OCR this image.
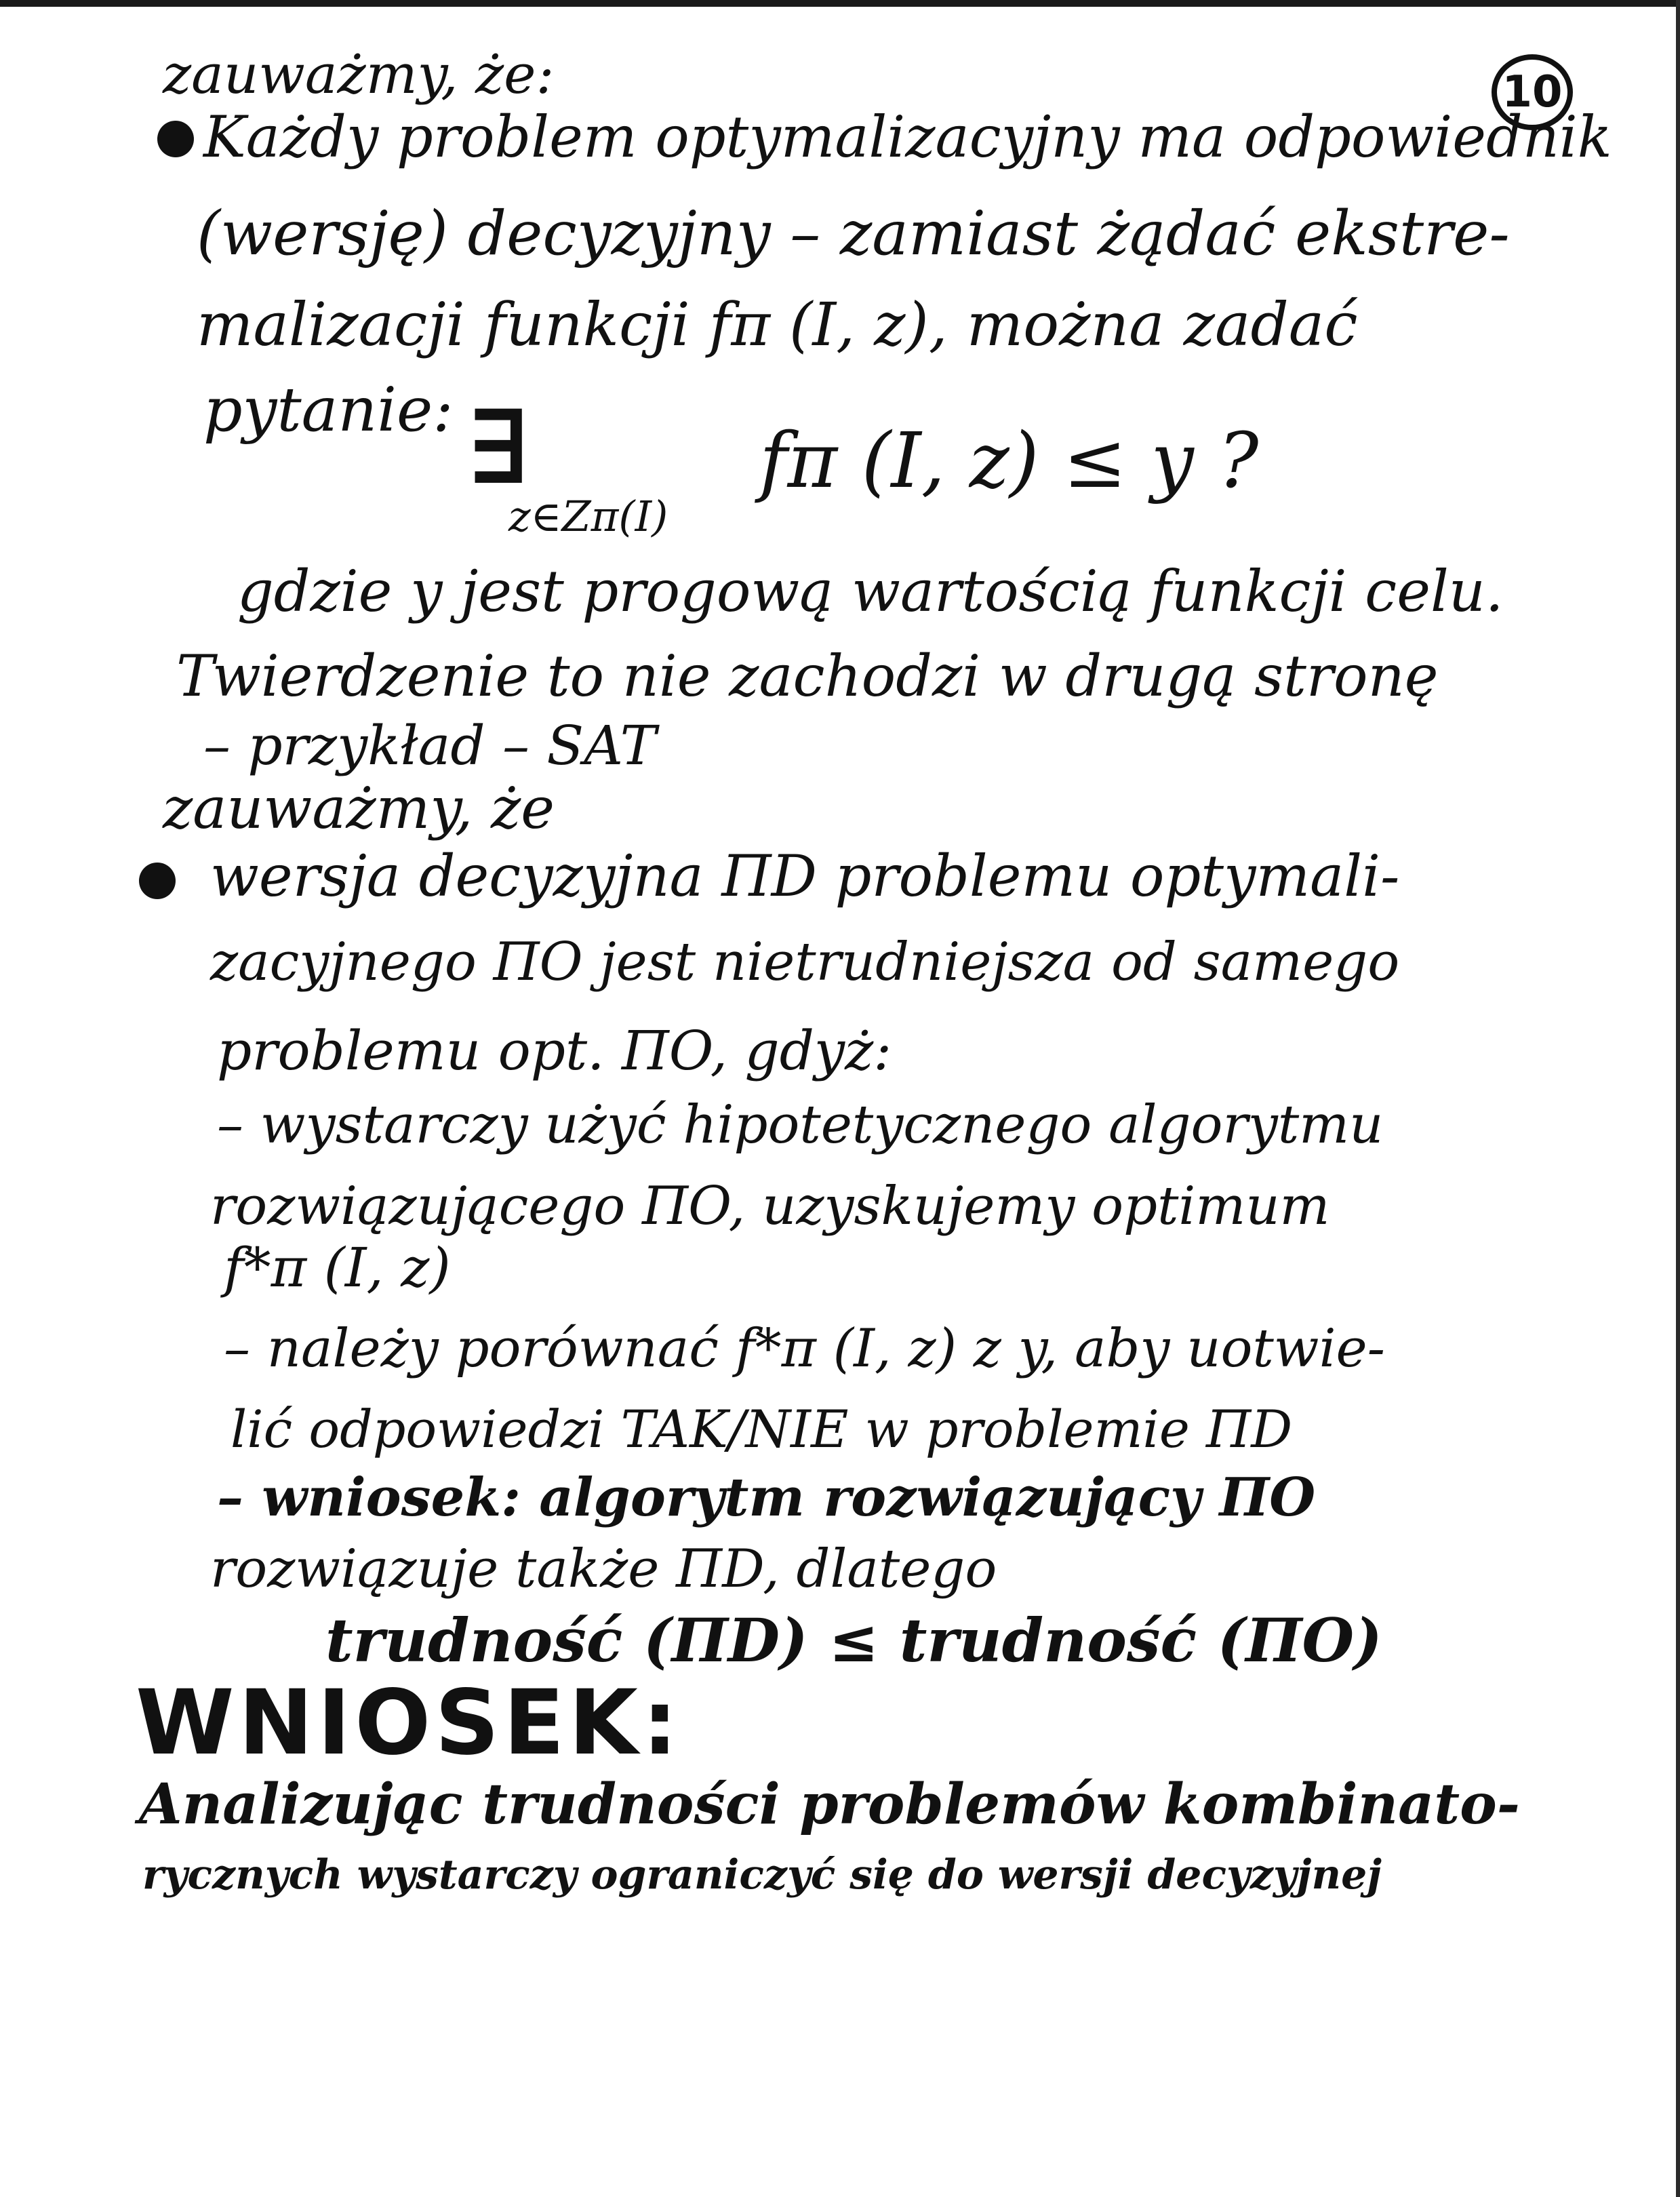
10
zauważmy, że:
Każdy problem optymalizacyjny ma odpowiednik
(wersję) decyzyjny – zamiast żądać ekstre-
malizacji funkcji fπ (I, z), można zadać
pytanie: ∃
z∈Zπ(I)
fπ (I, z) ≤ y ?
gdzie y jest progową wartością funkcji celu.
Twierdzenie to nie zachodzi w drugą stronę
– przykład – SAT
zauważmy, że
wersja decyzyjna ΠD problemu optymali-
zacyjnego ΠO jest nietrudniejsza od samego
problemu opt. ΠO, gdyż:
– wystarczy użyć hipotetycznego algorytmu
rozwiązującego ΠO, uzyskujemy optimum
f*π (I, z)
– należy porównać f*π (I, z) z y, aby uotwie-
lić odpowiedzi TAK/NIE w problemie ΠD
– wniosek: algorytm rozwiązujący ΠO
rozwiązuje także ΠD, dlatego
trudność (ΠD) ≤ trudność (ΠO)
WNIOSEK:
Analizując trudności problemów kombinato-
rycznych wystarczy ograniczyć się do wersji decyzyjnej
